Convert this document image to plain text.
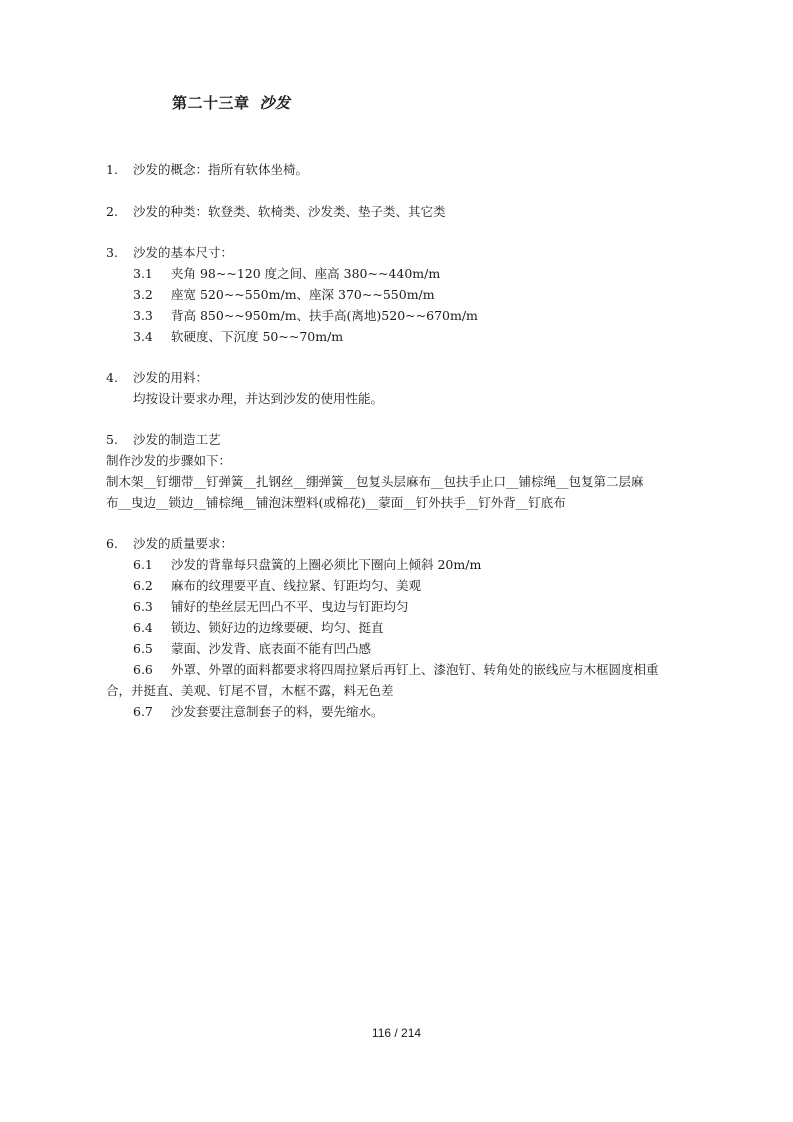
第二十三章 沙发
1. 沙发的概念：指所有软体坐椅。
2. 沙发的种类：软登类、软椅类、沙发类、垫子类、其它类
3. 沙发的基本尺寸：
3.1 夹角 98~~120 度之间、座高 380~~440m/m
3.2 座宽 520~~550m/m、座深 370~~550m/m
3.3 背高 850~~950m/m、扶手高(离地)520~~670m/m
3.4 软硬度、下沉度 50~~70m/m
4. 沙发的用料：
均按设计要求办理，并达到沙发的使用性能。
5. 沙发的制造工艺
制作沙发的步骤如下：
制木架__钉绷带__钉弹簧__扎钢丝__绷弹簧__包复头层麻布__包扶手止口__铺棕绳__包复第二层麻
布__曳边__锁边__铺棕绳__铺泡沫塑料(或棉花)__蒙面__钉外扶手__钉外背__钉底布
6. 沙发的质量要求：
6.1 沙发的背靠每只盘簧的上圈必须比下圈向上倾斜 20m/m
6.2 麻布的纹理要平直、线拉紧、钉距均匀、美观
6.3 铺好的垫丝层无凹凸不平、曳边与钉距均匀
6.4 锁边、锁好边的边缘要硬、均匀、挺直
6.5 蒙面、沙发背、底表面不能有凹凸感
6.6 外罩、外罩的面料都要求将四周拉紧后再钉上、漆泡钉、转角处的嵌线应与木框圆度相重
合，并挺直、美观、钉尾不冒，木框不露，料无色差
6.7 沙发套要注意制套子的料，要先缩水。
116 / 214
